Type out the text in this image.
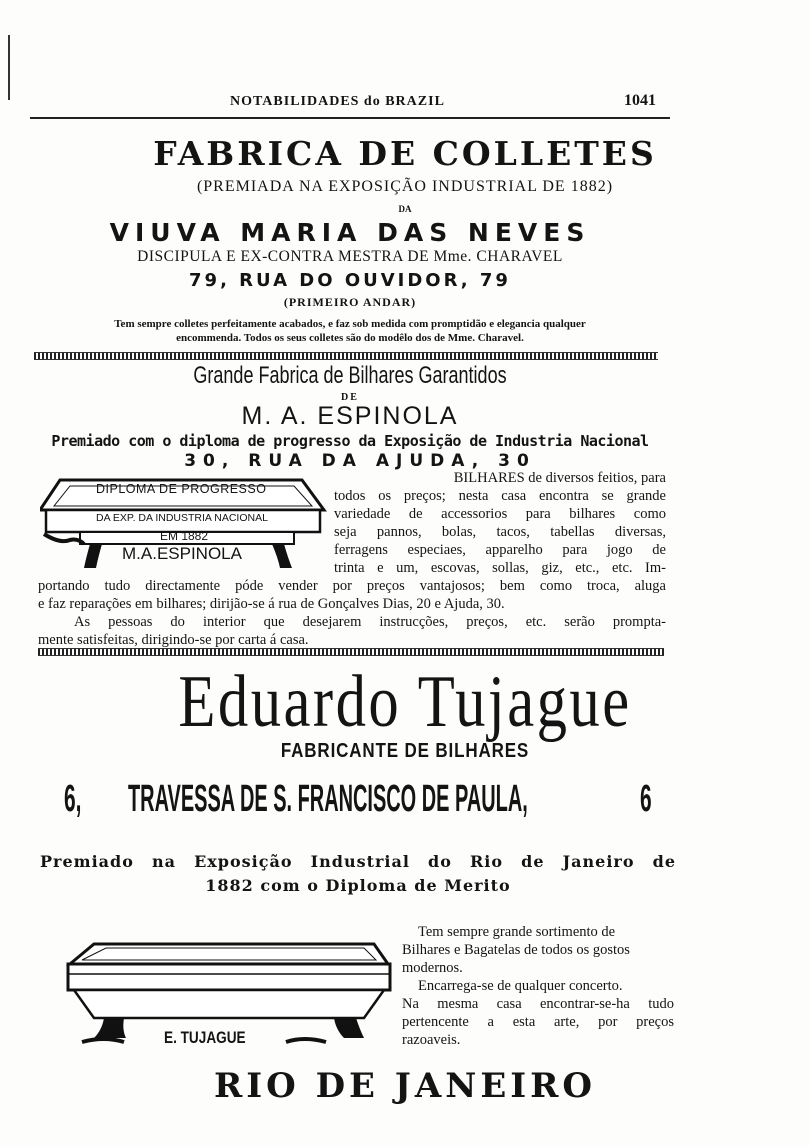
NOTABILIDADES do BRAZIL	1041
FABRICA DE COLLETES
(PREMIADA NA EXPOSIÇÃO INDUSTRIAL DE 1882)
DA
VIUVA MARIA DAS NEVES
DISCIPULA E EX-CONTRA MESTRA DE Mme. CHARAVEL
79, RUA DO OUVIDOR, 79
(PRIMEIRO ANDAR)
Tem sempre colletes perfeitamente acabados, e faz sob medida com promptidão e elegancia qualquer
encommenda. Todos os seus colletes são do modêlo dos de Mme. Charavel.
Grande Fabrica de Bilhares Garantidos
DE
M. A. ESPINOLA
Premiado com o diploma de progresso da Exposição de Industria Nacional
30, RUA DA AJUDA, 30
DIPLOMA DE PROGRESSO
DA EXP. DA INDUSTRIA NACIONAL
EM 1882
M.A.ESPINOLA
BILHARES de diversos feitios, para
todos os preços; nesta casa encontra se grande
variedade de accessorios para bilhares como
seja pannos, bolas, tacos, tabellas diversas,
ferragens especiaes, apparelho para jogo de
trinta e um, escovas, sollas, giz, etc., etc. Im-
portando tudo directamente póde vender por preços vantajosos; bem como troca, aluga
e faz reparações em bilhares; dirijão-se á rua de Gonçalves Dias, 20 e Ajuda, 30.
As pessoas do interior que desejarem instrucções, preços, etc. serão prompta-
mente satisfeitas, dirigindo-se por carta á casa.
Eduardo Tujague
FABRICANTE DE BILHARES
6, TRAVESSA DE S. FRANCISCO DE PAULA,	6
Premiado na Exposição Industrial do Rio de Janeiro de
1882 com o Diploma de Merito
E. TUJAGUE
Tem sempre grande sortimento de
Bilhares e Bagatelas de todos os gostos
modernos.
Encarrega-se de qualquer concerto.
Na mesma casa encontrar-se-ha tudo
pertencente a esta arte, por preços
razoaveis.
RIO DE JANEIRO
